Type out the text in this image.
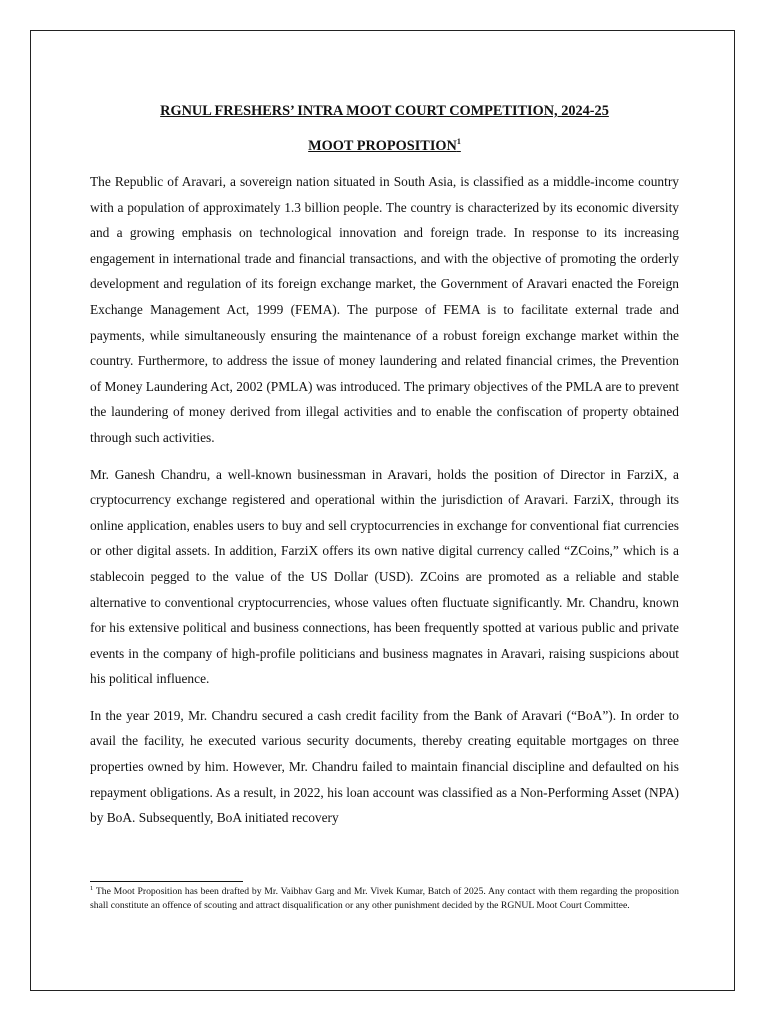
RGNUL FRESHERS’ INTRA MOOT COURT COMPETITION, 2024-25
MOOT PROPOSITION$^1$

The Republic of Aravari, a sovereign nation situated in South Asia, is classified as a middle-income country with a population of approximately 1.3 billion people. The country is characterized by its economic diversity and a growing emphasis on technological innovation and foreign trade. In response to its increasing engagement in international trade and financial transactions, and with the objective of promoting the orderly development and regulation of its foreign exchange market, the Government of Aravari enacted the Foreign Exchange Management Act, 1999 (FEMA). The purpose of FEMA is to facilitate external trade and payments, while simultaneously ensuring the maintenance of a robust foreign exchange market within the country. Furthermore, to address the issue of money laundering and related financial crimes, the Prevention of Money Laundering Act, 2002 (PMLA) was introduced. The primary objectives of the PMLA are to prevent the laundering of money derived from illegal activities and to enable the confiscation of property obtained through such activities.

Mr. Ganesh Chandru, a well-known businessman in Aravari, holds the position of Director in FarziX, a cryptocurrency exchange registered and operational within the jurisdiction of Aravari. FarziX, through its online application, enables users to buy and sell cryptocurrencies in exchange for conventional fiat currencies or other digital assets. In addition, FarziX offers its own native digital currency called “ZCoins,” which is a stablecoin pegged to the value of the US Dollar (USD). ZCoins are promoted as a reliable and stable alternative to conventional cryptocurrencies, whose values often fluctuate significantly. Mr. Chandru, known for his extensive political and business connections, has been frequently spotted at various public and private events in the company of high-profile politicians and business magnates in Aravari, raising suspicions about his political influence.

In the year 2019, Mr. Chandru secured a cash credit facility from the Bank of Aravari (“BoA”). In order to avail the facility, he executed various security documents, thereby creating equitable mortgages on three properties owned by him. However, Mr. Chandru failed to maintain financial discipline and defaulted on his repayment obligations. As a result, in 2022, his loan account was classified as a Non-Performing Asset (NPA) by BoA. Subsequently, BoA initiated recovery

$^1$ The Moot Proposition has been drafted by Mr. Vaibhav Garg and Mr. Vivek Kumar, Batch of 2025. Any contact with them regarding the proposition shall constitute an offence of scouting and attract disqualification or any other punishment decided by the RGNUL Moot Court Committee.
